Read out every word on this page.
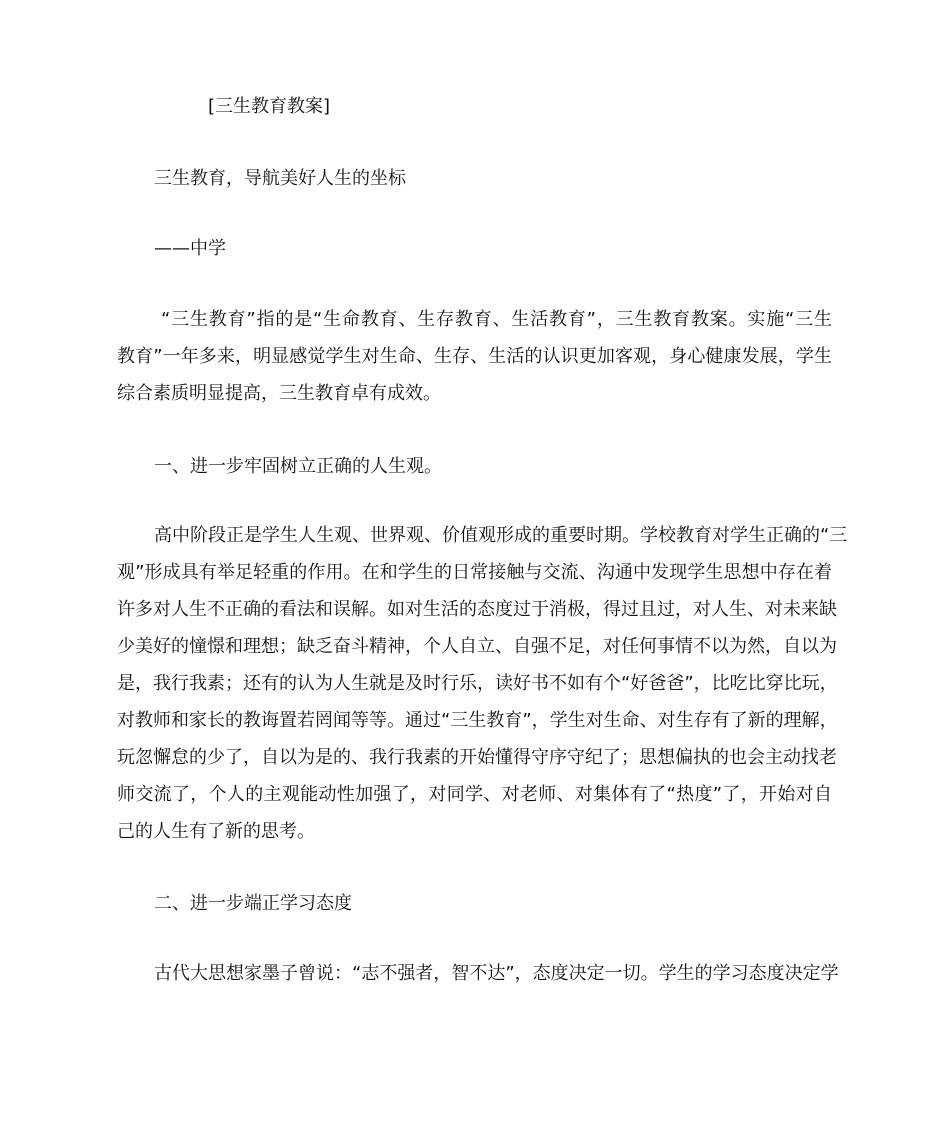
[三生教育教案]
三生教育，导航美好人生的坐标
——中学
“三生教育”指的是“生命教育、生存教育、生活教育”，三生教育教案。实施“三生
教育”一年多来，明显感觉学生对生命、生存、生活的认识更加客观，身心健康发展，学生
综合素质明显提高，三生教育卓有成效。
一、进一步牢固树立正确的人生观。
高中阶段正是学生人生观、世界观、价值观形成的重要时期。学校教育对学生正确的“三
观”形成具有举足轻重的作用。在和学生的日常接触与交流、沟通中发现学生思想中存在着
许多对人生不正确的看法和误解。如对生活的态度过于消极，得过且过，对人生、对未来缺
少美好的憧憬和理想；缺乏奋斗精神，个人自立、自强不足，对任何事情不以为然，自以为
是，我行我素；还有的认为人生就是及时行乐，读好书不如有个“好爸爸”，比吃比穿比玩，
对教师和家长的教诲置若罔闻等等。通过“三生教育”，学生对生命、对生存有了新的理解，
玩忽懈怠的少了，自以为是的、我行我素的开始懂得守序守纪了；思想偏执的也会主动找老
师交流了，个人的主观能动性加强了，对同学、对老师、对集体有了“热度”了，开始对自
己的人生有了新的思考。
二、进一步端正学习态度
古代大思想家墨子曾说：“志不强者，智不达”，态度决定一切。学生的学习态度决定学
